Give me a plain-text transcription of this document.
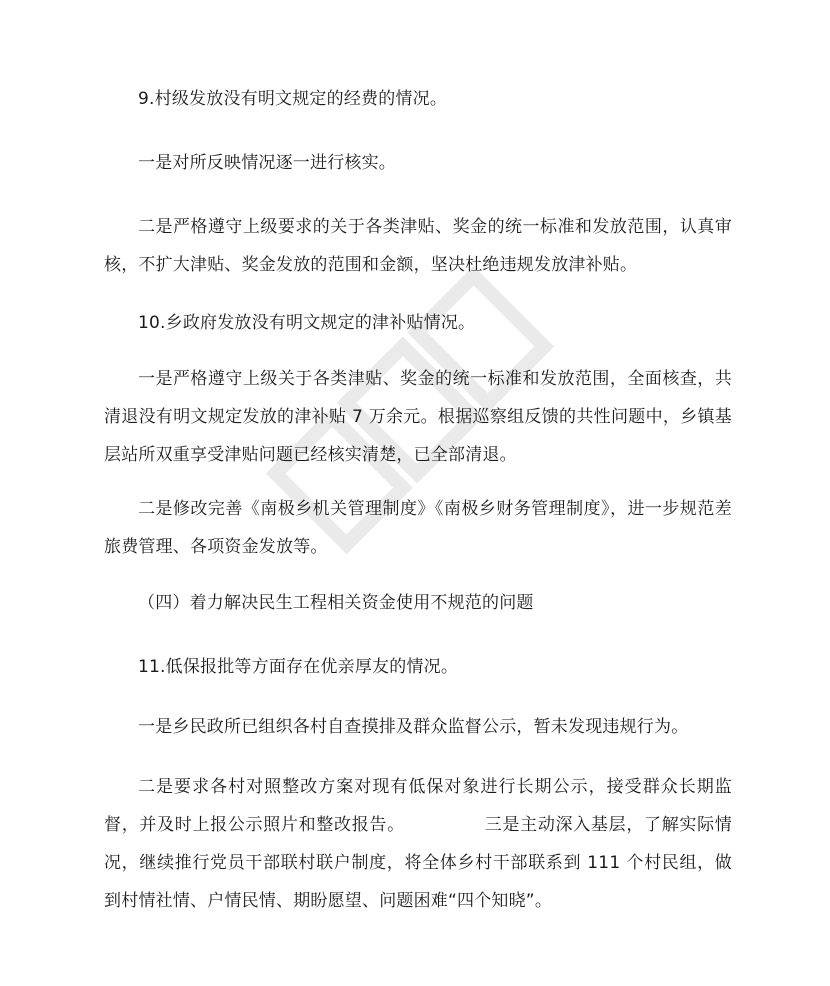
9.村级发放没有明文规定的经费的情况。

一是对所反映情况逐一进行核实。

二是严格遵守上级要求的关于各类津贴、奖金的统一标准和发放范围，认真审核，不扩大津贴、奖金发放的范围和金额，坚决杜绝违规发放津补贴。

10.乡政府发放没有明文规定的津补贴情况。

一是严格遵守上级关于各类津贴、奖金的统一标准和发放范围，全面核查，共清退没有明文规定发放的津补贴 7 万余元。根据巡察组反馈的共性问题中，乡镇基层站所双重享受津贴问题已经核实清楚，已全部清退。

二是修改完善《南极乡机关管理制度》《南极乡财务管理制度》，进一步规范差旅费管理、各项资金发放等。

（四）着力解决民生工程相关资金使用不规范的问题

11.低保报批等方面存在优亲厚友的情况。

一是乡民政所已组织各村自查摸排及群众监督公示，暂未发现违规行为。

二是要求各村对照整改方案对现有低保对象进行长期公示，接受群众长期监督，并及时上报公示照片和整改报告。　　　　　三是主动深入基层，了解实际情况，继续推行党员干部联村联户制度，将全体乡村干部联系到 111 个村民组，做到村情社情、户情民情、期盼愿望、问题困难“四个知晓”。
